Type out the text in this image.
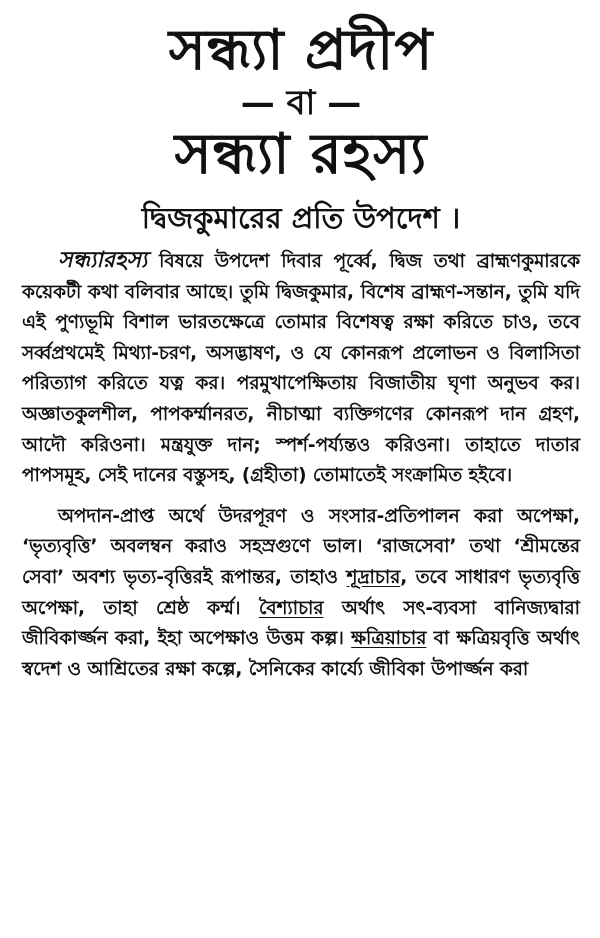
সন্ধ্যা প্রদীপ
— বা —
সন্ধ্যা রহস্য
দ্বিজকুমারের প্রতি উপদেশ ।

সন্ধ্যারহস্য বিষয়ে উপদেশ দিবার পূর্ব্বে, দ্বিজ তথা ব্রাহ্মণকুমারকে কয়েকটী কথা বলিবার আছে। তুমি দ্বিজকুমার, বিশেষ ব্রাহ্মণ-সন্তান, তুমি যদি এই পুণ্যভূমি বিশাল ভারতক্ষেত্রে তোমার বিশেষত্ব রক্ষা করিতে চাও, তবে সর্ব্বপ্রথমেই মিথ্যা-চরণ, অসদ্ভাষণ, ও যে কোনরূপ প্রলোভন ও বিলাসিতা পরিত্যাগ করিতে যত্ন কর। পরমুখাপেক্ষিতায় বিজাতীয় ঘৃণা অনুভব কর। অজ্ঞাতকুলশীল, পাপকর্ম্মানরত, নীচাত্মা ব্যক্তিগণের কোনরূপ দান গ্রহণ, আদৌ করিওনা। মন্ত্রযুক্ত দান; স্পর্শ-পর্য্যন্তও করিওনা। তাহাতে দাতার পাপসমূহ, সেই দানের বস্তুসহ, (গ্রহীতা) তোমাতেই সংক্রামিত হইবে।

অপদান-প্রাপ্ত অর্থে উদরপূরণ ও সংসার-প্রতিপালন করা অপেক্ষা, ‘ভৃত্যবৃত্তি’ অবলম্বন করাও সহস্রগুণে ভাল। ‘রাজসেবা’ তথা ‘শ্রীমন্তের সেবা’ অবশ্য ভৃত্য-বৃত্তিরই রূপান্তর, তাহাও শূদ্রাচার, তবে সাধারণ ভৃত্যবৃত্তি অপেক্ষা, তাহা শ্রেষ্ঠ কর্ম্ম। বৈশ্যাচার অর্থাৎ সৎ-ব্যবসা বানিজ্যদ্বারা জীবিকার্জ্জন করা, ইহা অপেক্ষাও উত্তম কল্প। ক্ষত্রিয়াচার বা ক্ষত্রিয়বৃত্তি অর্থাৎ স্বদেশ ও আশ্রিতের রক্ষা কল্পে, সৈনিকের কার্য্যে জীবিকা উপার্জ্জন করা
